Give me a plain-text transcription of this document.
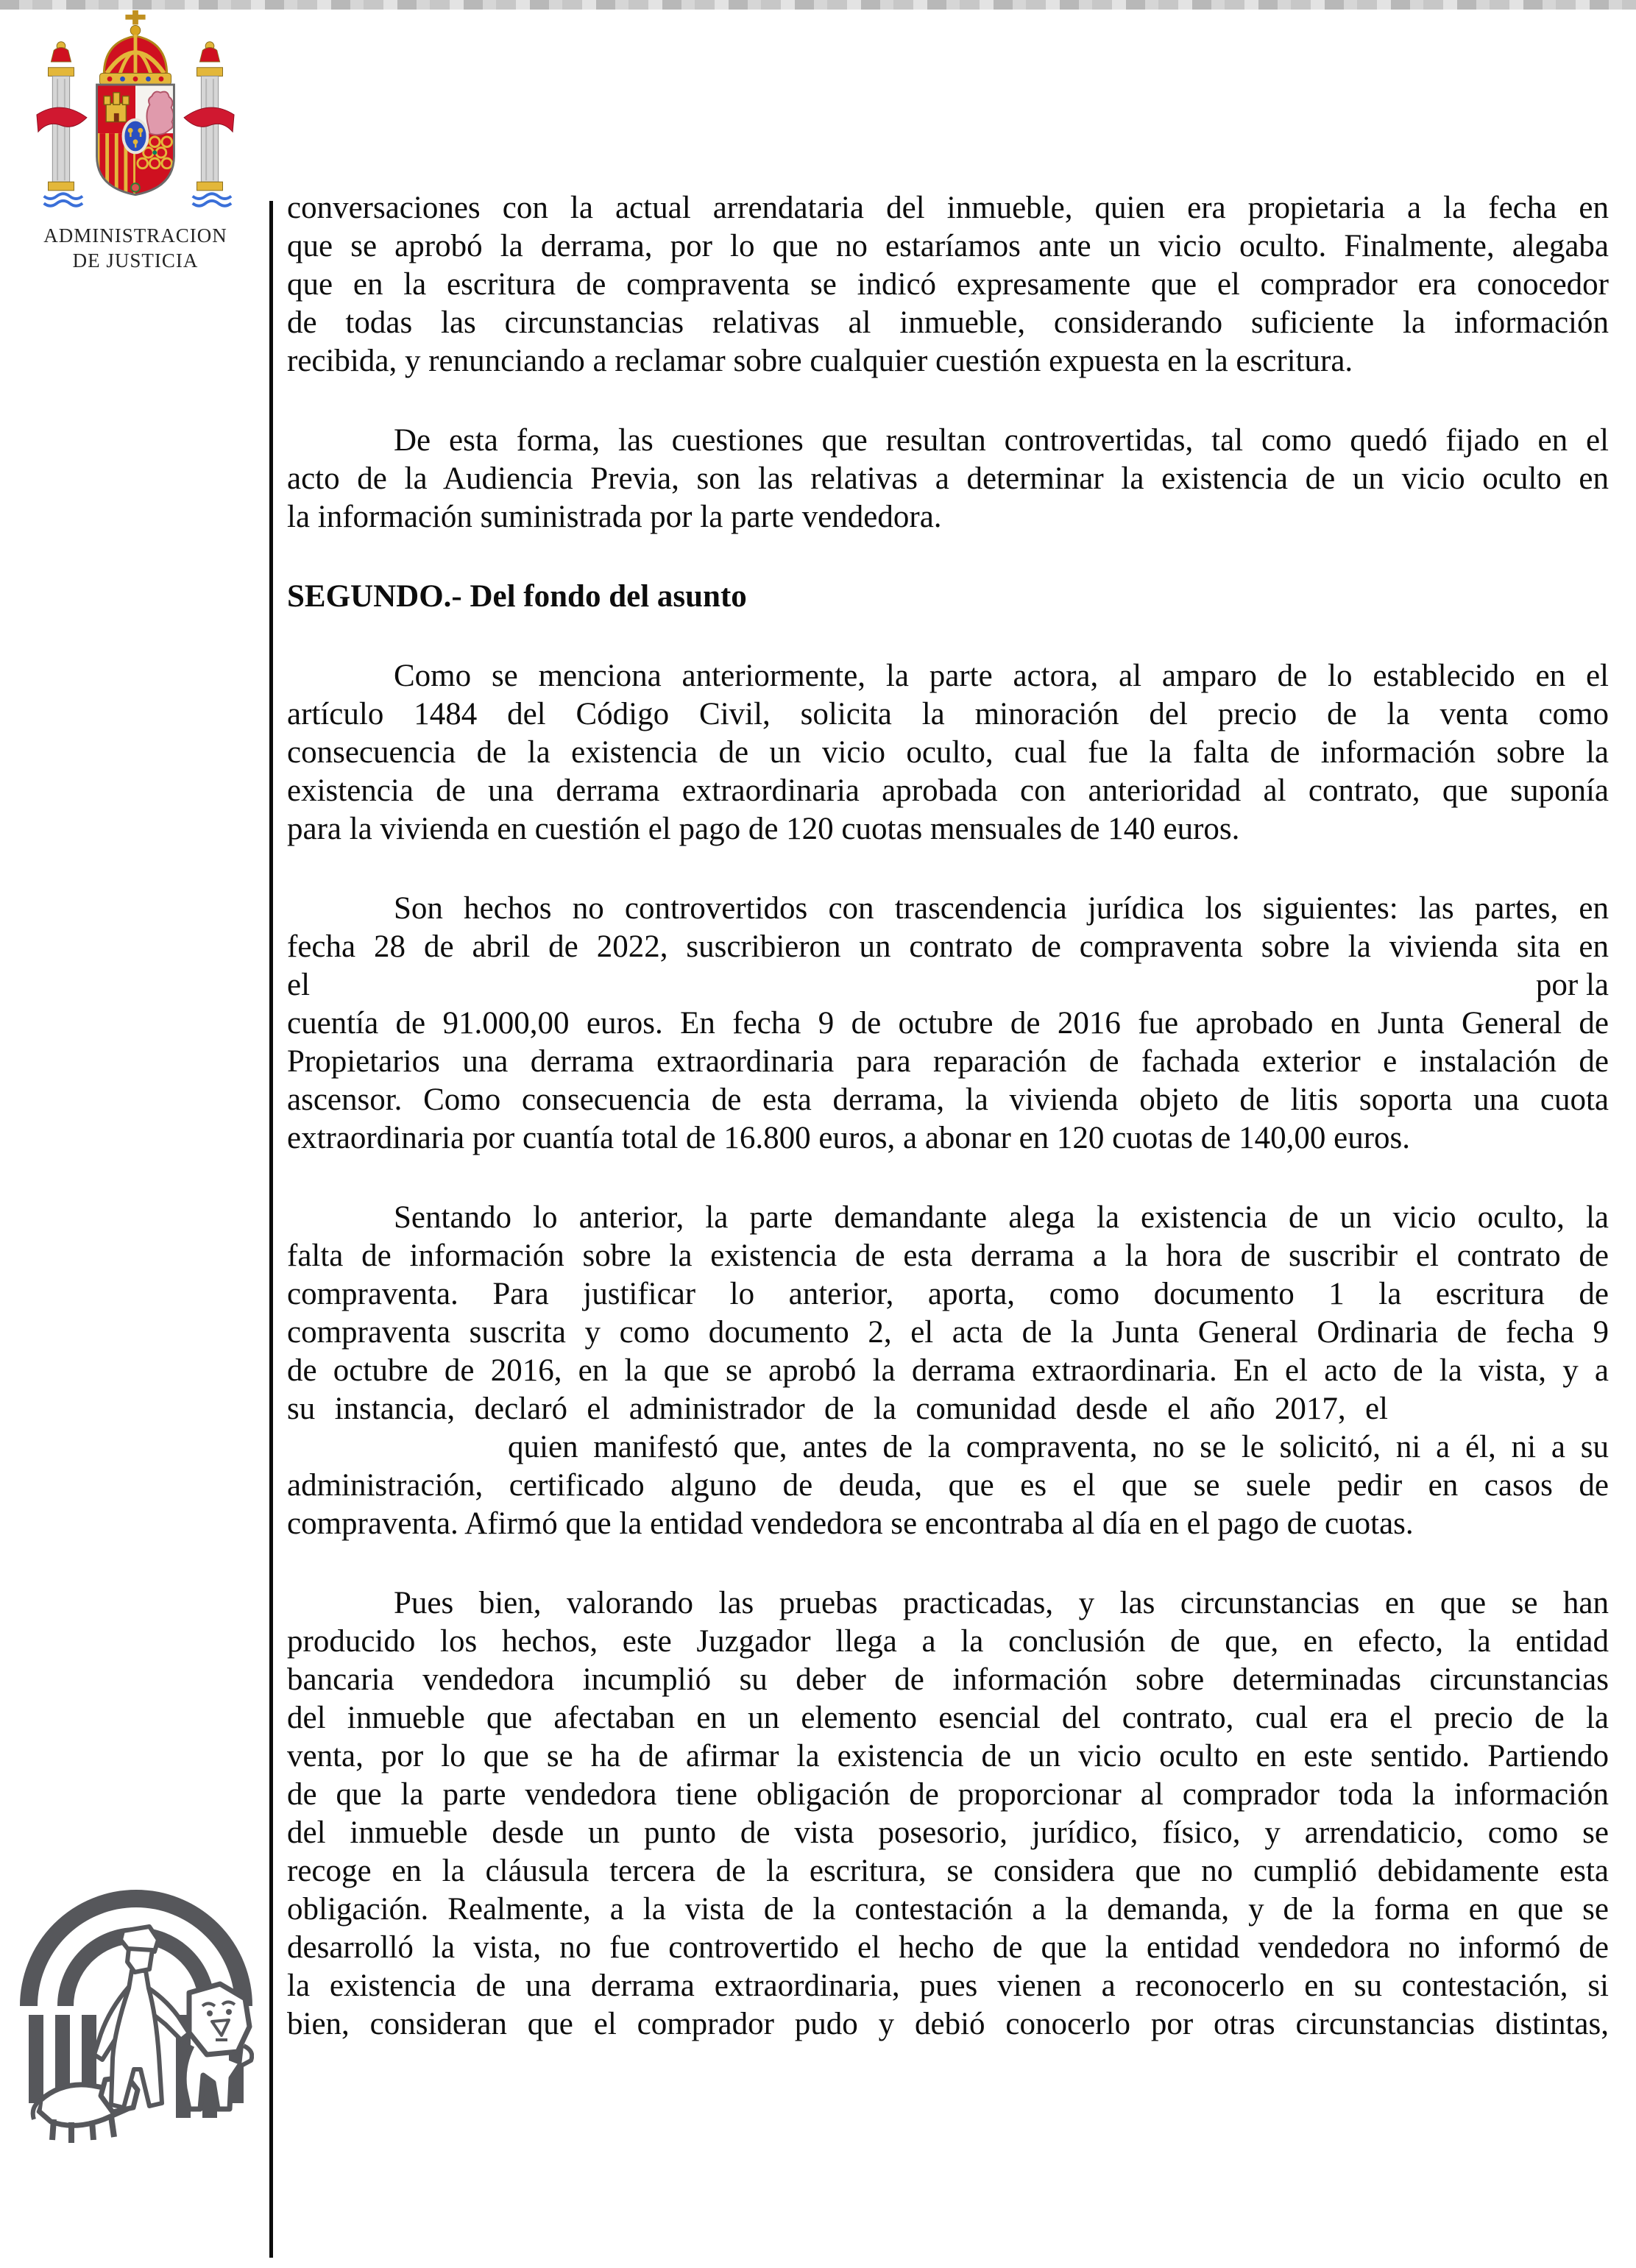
ADMINISTRACION
DE JUSTICIA
conversaciones con la actual arrendataria del inmueble, quien era propietaria a la fecha en
que se aprobó la derrama, por lo que no estaríamos ante un vicio oculto. Finalmente, alegaba
que en la escritura de compraventa se indicó expresamente que el comprador era conocedor
de todas las circunstancias relativas al inmueble, considerando suficiente la información
recibida, y renunciando a reclamar sobre cualquier cuestión expuesta en la escritura.
De esta forma, las cuestiones que resultan controvertidas, tal como quedó fijado en el
acto de la Audiencia Previa, son las relativas a determinar la existencia de un vicio oculto en
la información suministrada por la parte vendedora.
SEGUNDO.- Del fondo del asunto
Como se menciona anteriormente, la parte actora, al amparo de lo establecido en el
artículo 1484 del Código Civil, solicita la minoración del precio de la venta como
consecuencia de la existencia de un vicio oculto, cual fue la falta de información sobre la
existencia de una derrama extraordinaria aprobada con anterioridad al contrato, que suponía
para la vivienda en cuestión el pago de 120 cuotas mensuales de 140 euros.
Son hechos no controvertidos con trascendencia jurídica los siguientes: las partes, en
fecha 28 de abril de 2022, suscribieron un contrato de compraventa sobre la vivienda sita en
el	por la
cuentía de 91.000,00 euros. En fecha 9 de octubre de 2016 fue aprobado en Junta General de
Propietarios una derrama extraordinaria para reparación de fachada exterior e instalación de
ascensor. Como consecuencia de esta derrama, la vivienda objeto de litis soporta una cuota
extraordinaria por cuantía total de 16.800 euros, a abonar en 120 cuotas de 140,00 euros.
Sentando lo anterior, la parte demandante alega la existencia de un vicio oculto, la
falta de información sobre la existencia de esta derrama a la hora de suscribir el contrato de
compraventa. Para justificar lo anterior, aporta, como documento 1 la escritura de
compraventa suscrita y como documento 2, el acta de la Junta General Ordinaria de fecha 9
de octubre de 2016, en la que se aprobó la derrama extraordinaria. En el acto de la vista, y a
su instancia, declaró el administrador de la comunidad desde el año 2017, el
quien manifestó que, antes de la compraventa, no se le solicitó, ni a él, ni a su
administración, certificado alguno de deuda, que es el que se suele pedir en casos de
compraventa. Afirmó que la entidad vendedora se encontraba al día en el pago de cuotas.
Pues bien, valorando las pruebas practicadas, y las circunstancias en que se han
producido los hechos, este Juzgador llega a la conclusión de que, en efecto, la entidad
bancaria vendedora incumplió su deber de información sobre determinadas circunstancias
del inmueble que afectaban en un elemento esencial del contrato, cual era el precio de la
venta, por lo que se ha de afirmar la existencia de un vicio oculto en este sentido. Partiendo
de que la parte vendedora tiene obligación de proporcionar al comprador toda la información
del inmueble desde un punto de vista posesorio, jurídico, físico, y arrendaticio, como se
recoge en la cláusula tercera de la escritura, se considera que no cumplió debidamente esta
obligación. Realmente, a la vista de la contestación a la demanda, y de la forma en que se
desarrolló la vista, no fue controvertido el hecho de que la entidad vendedora no informó de
la existencia de una derrama extraordinaria, pues vienen a reconocerlo en su contestación, si
bien, consideran que el comprador pudo y debió conocerlo por otras circunstancias distintas,
